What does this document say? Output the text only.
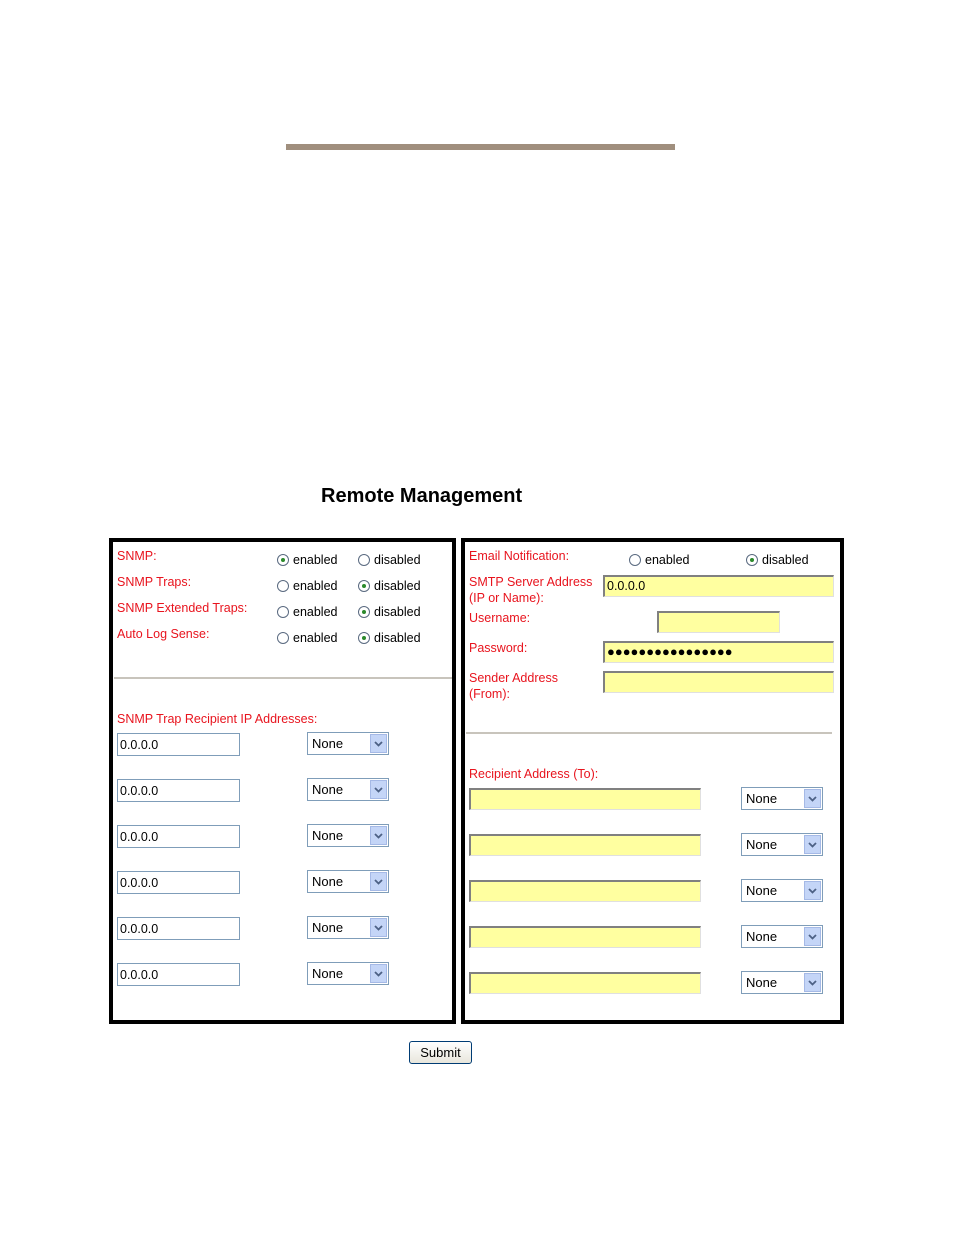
Remote Management
SNMP:	enabled	disabled
SNMP Traps:	enabled	disabled
SNMP Extended Traps:	enabled	disabled
Auto Log Sense:	enabled	disabled
SNMP Trap Recipient IP Addresses:
0.0.0.0	None
0.0.0.0	None
0.0.0.0	None
0.0.0.0	None
0.0.0.0	None
0.0.0.0	None
Email Notification:	enabled	disabled
SMTP Server Address
(IP or Name):
0.0.0.0
Username:
Password:	●●●●●●●●●●●●●●●●
Sender Address
(From):
Recipient Address (To):
None
None
None
None
None
Submit
